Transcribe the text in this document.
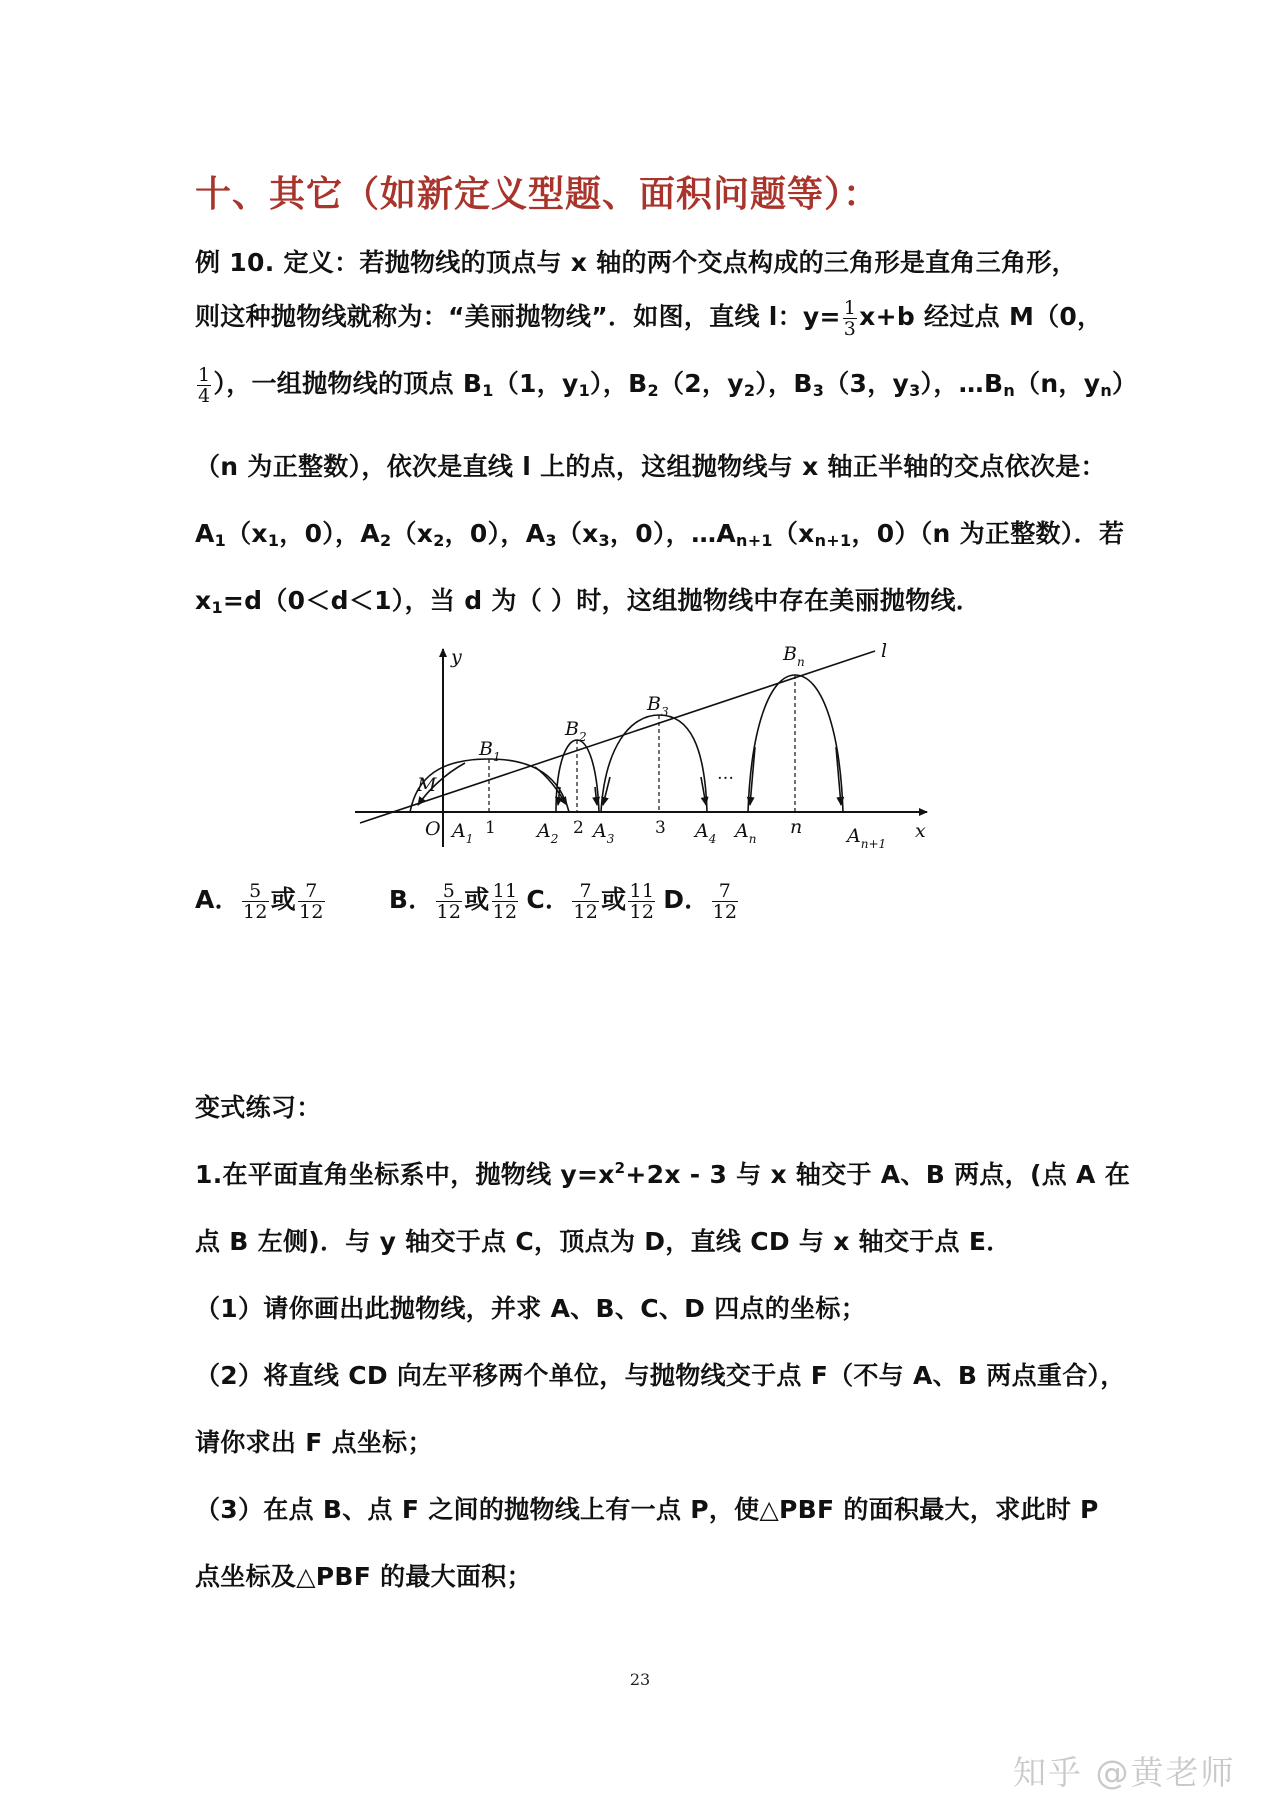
十、其它（如新定义型题、面积问题等）：
例 10. 定义：若抛物线的顶点与 x 轴的两个交点构成的三角形是直角三角形，
则这种抛物线就称为：“美丽抛物线”．如图，直线 l：$y= \frac{1}{3} x+b$ 经过点 M（0，
$\frac{1}{4}$ ），一组抛物线的顶点 $B_1(1$，$y_1$），$B_2(2$，$y_2$），$B_3(3$，$y_3$），$\dots B_n(n$，$y_n$）
（n 为正整数），依次是直线 l 上的点，这组抛物线与 x 轴正半轴的交点依次是：
$A_1(x_1$，0），$A_2(x_2$，0），$A_3(x_3$，0），$\dots A_{n+1}(x_{n+1}$，0）（n 为正整数）．若
$x_1=d(0<d<1)$，当 d 为（ ）时，这组抛物线中存在美丽抛物线．
y
x
O
M
l
$B_1$
$B_2$
$B_3$
$B_n$
$A_1$	$A_2$ $A_3$	$A_4$ $A_n$	$A_{n+1}$
1	2	3	n
…
A． $\frac{5}{12}$ 或 $\frac{7}{12}$	B． $\frac{5}{12}$ 或 $\frac{11}{12}$ C． $\frac{7}{12}$ 或 $\frac{11}{12}$ D． $\frac{7}{12}$
变式练习：
1.在平面直角坐标系中，抛物线 $y=x^2+2x - 3$ 与 x 轴交于 A、B 两点，(点 A 在
点 B 左侧)．与 y 轴交于点 C，顶点为 D，直线 CD 与 x 轴交于点 E．
（1）请你画出此抛物线，并求 A、B、C、D 四点的坐标；
（2）将直线 CD 向左平移两个单位，与抛物线交于点 F（不与 A、B 两点重合），
请你求出 F 点坐标；
（3）在点 B、点 F 之间的抛物线上有一点 P，使△PBF 的面积最大，求此时 P
点坐标及△PBF 的最大面积；
23
知乎 @黄老师
